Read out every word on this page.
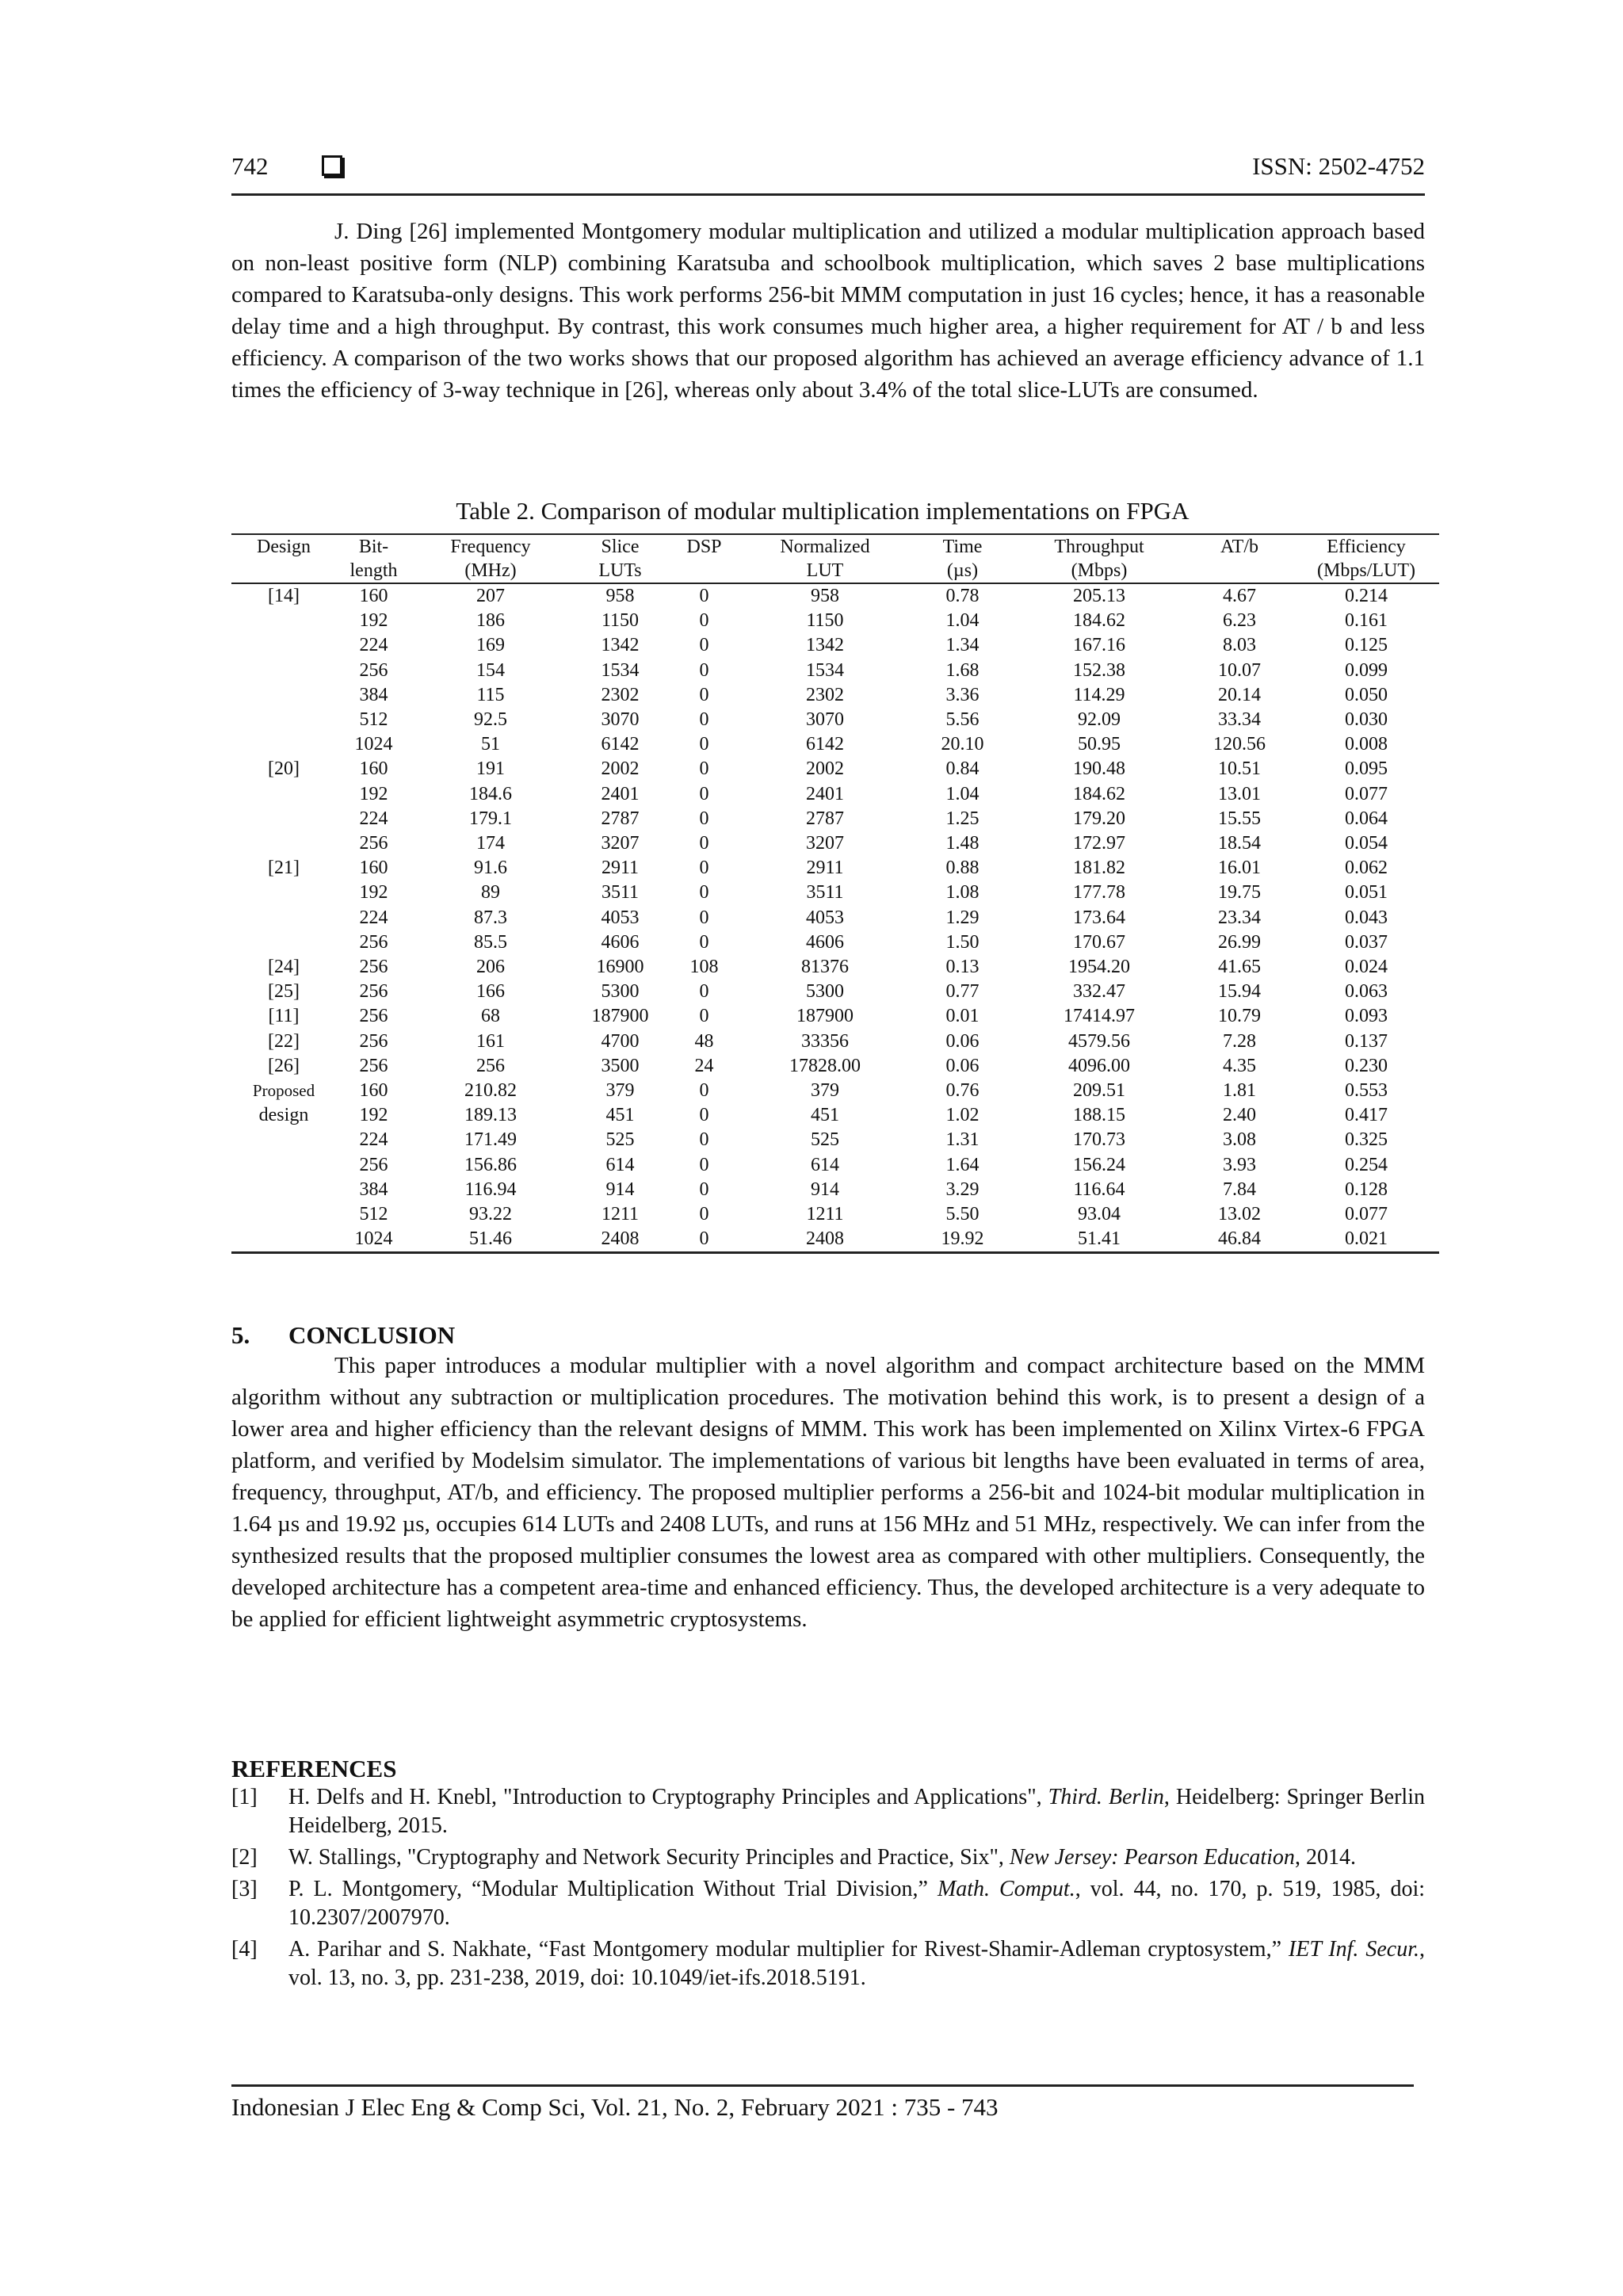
742	ISSN: 2502-4752

J. Ding [26] implemented Montgomery modular multiplication and utilized a modular multiplication approach based on non-least positive form (NLP) combining Karatsuba and schoolbook multiplication, which saves 2 base multiplications compared to Karatsuba-only designs. This work performs 256-bit MMM computation in just 16 cycles; hence, it has a reasonable delay time and a high throughput. By contrast, this work consumes much higher area, a higher requirement for AT / b and less efficiency. A comparison of the two works shows that our proposed algorithm has achieved an average efficiency advance of 1.1 times the efficiency of 3-way technique in [26], whereas only about 3.4% of the total slice-LUTs are consumed.

Table 2. Comparison of modular multiplication implementations on FPGA
Design	Bit-	Frequency	Slice	DSP	Normalized	Time	Throughput	AT/b	Efficiency
	length	(MHz)	LUTs		LUT	(µs)	(Mbps)		(Mbps/LUT)
[14]	160	207	958	0	958	0.78	205.13	4.67	0.214
	192	186	1150	0	1150	1.04	184.62	6.23	0.161
	224	169	1342	0	1342	1.34	167.16	8.03	0.125
	256	154	1534	0	1534	1.68	152.38	10.07	0.099
	384	115	2302	0	2302	3.36	114.29	20.14	0.050
	512	92.5	3070	0	3070	5.56	92.09	33.34	0.030
	1024	51	6142	0	6142	20.10	50.95	120.56	0.008
[20]	160	191	2002	0	2002	0.84	190.48	10.51	0.095
	192	184.6	2401	0	2401	1.04	184.62	13.01	0.077
	224	179.1	2787	0	2787	1.25	179.20	15.55	0.064
	256	174	3207	0	3207	1.48	172.97	18.54	0.054
[21]	160	91.6	2911	0	2911	0.88	181.82	16.01	0.062
	192	89	3511	0	3511	1.08	177.78	19.75	0.051
	224	87.3	4053	0	4053	1.29	173.64	23.34	0.043
	256	85.5	4606	0	4606	1.50	170.67	26.99	0.037
[24]	256	206	16900	108	81376	0.13	1954.20	41.65	0.024
[25]	256	166	5300	0	5300	0.77	332.47	15.94	0.063
[11]	256	68	187900	0	187900	0.01	17414.97	10.79	0.093
[22]	256	161	4700	48	33356	0.06	4579.56	7.28	0.137
[26]	256	256	3500	24	17828.00	0.06	4096.00	4.35	0.230
Proposed	160	210.82	379	0	379	0.76	209.51	1.81	0.553
design	192	189.13	451	0	451	1.02	188.15	2.40	0.417
	224	171.49	525	0	525	1.31	170.73	3.08	0.325
	256	156.86	614	0	614	1.64	156.24	3.93	0.254
	384	116.94	914	0	914	3.29	116.64	7.84	0.128
	512	93.22	1211	0	1211	5.50	93.04	13.02	0.077
	1024	51.46	2408	0	2408	19.92	51.41	46.84	0.021
5. CONCLUSION

This paper introduces a modular multiplier with a novel algorithm and compact architecture based on the MMM algorithm without any subtraction or multiplication procedures. The motivation behind this work, is to present a design of a lower area and higher efficiency than the relevant designs of MMM. This work has been implemented on Xilinx Virtex-6 FPGA platform, and verified by Modelsim simulator. The implementations of various bit lengths have been evaluated in terms of area, frequency, throughput, AT/b, and efficiency. The proposed multiplier performs a 256-bit and 1024-bit modular multiplication in 1.64 µs and 19.92 µs, occupies 614 LUTs and 2408 LUTs, and runs at 156 MHz and 51 MHz, respectively. We can infer from the synthesized results that the proposed multiplier consumes the lowest area as compared with other multipliers. Consequently, the developed architecture has a competent area-time and enhanced efficiency. Thus, the developed architecture is a very adequate to be applied for efficient lightweight asymmetric cryptosystems.

REFERENCES
[1]	H. Delfs and H. Knebl, "Introduction to Cryptography Principles and Applications", Third. Berlin, Heidelberg: Springer Berlin Heidelberg, 2015.
[2]	W. Stallings, "Cryptography and Network Security Principles and Practice, Six", New Jersey: Pearson Education, 2014.
[3]	P. L. Montgomery, “Modular Multiplication Without Trial Division,” Math. Comput., vol. 44, no. 170, p. 519, 1985, doi: 10.2307/2007970.
[4]	A. Parihar and S. Nakhate, “Fast Montgomery modular multiplier for Rivest-Shamir-Adleman cryptosystem,” IET Inf. Secur., vol. 13, no. 3, pp. 231-238, 2019, doi: 10.1049/iet-ifs.2018.5191.
Indonesian J Elec Eng & Comp Sci, Vol. 21, No. 2, February 2021 : 735 - 743
